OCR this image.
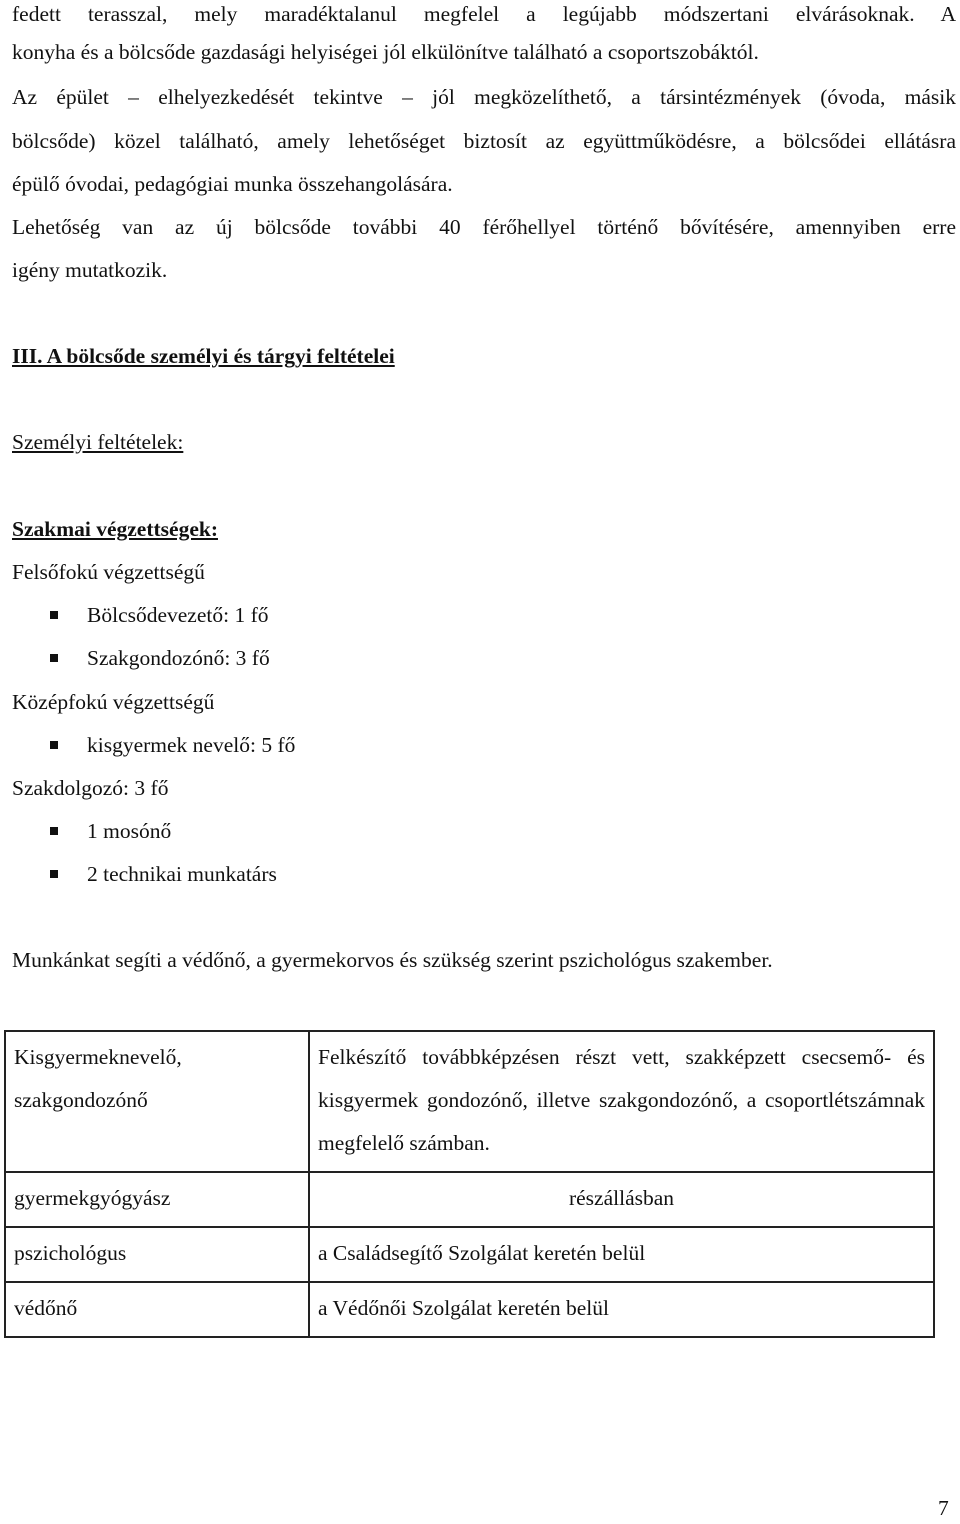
fedett terasszal, mely maradéktalanul megfelel a legújabb módszertani elvárásoknak. A
konyha és a bölcsőde gazdasági helyiségei jól elkülönítve található a csoportszobáktól.
Az épület – elhelyezkedését tekintve – jól megközelíthető, a társintézmények (óvoda, másik
bölcsőde) közel található, amely lehetőséget biztosít az együttműködésre, a bölcsődei ellátásra
épülő óvodai, pedagógiai munka összehangolására.
Lehetőség van az új bölcsőde további 40 férőhellyel történő bővítésére, amennyiben erre
igény mutatkozik.
III. A bölcsőde személyi és tárgyi feltételei
Személyi feltételek:
Szakmai végzettségek:
Felsőfokú végzettségű
Bölcsődevezető: 1 fő
Szakgondozónő: 3 fő
Középfokú végzettségű
kisgyermek nevelő: 5 fő
Szakdolgozó: 3 fő
1 mosónő
2 technikai munkatárs
Munkánkat segíti a védőnő, a gyermekorvos és szükség szerint pszichológus szakember.
Kisgyermeknevelő, szakgondozónő	Felkészítő továbbképzésen részt vett, szakképzett csecsemő- és kisgyermek gondozónő, illetve szakgondozónő, a csoportlétszámnak megfelelő számban.
gyermekgyógyász	részállásban
pszichológus	a Családsegítő Szolgálat keretén belül
védőnő	a Védőnői Szolgálat keretén belül
7
